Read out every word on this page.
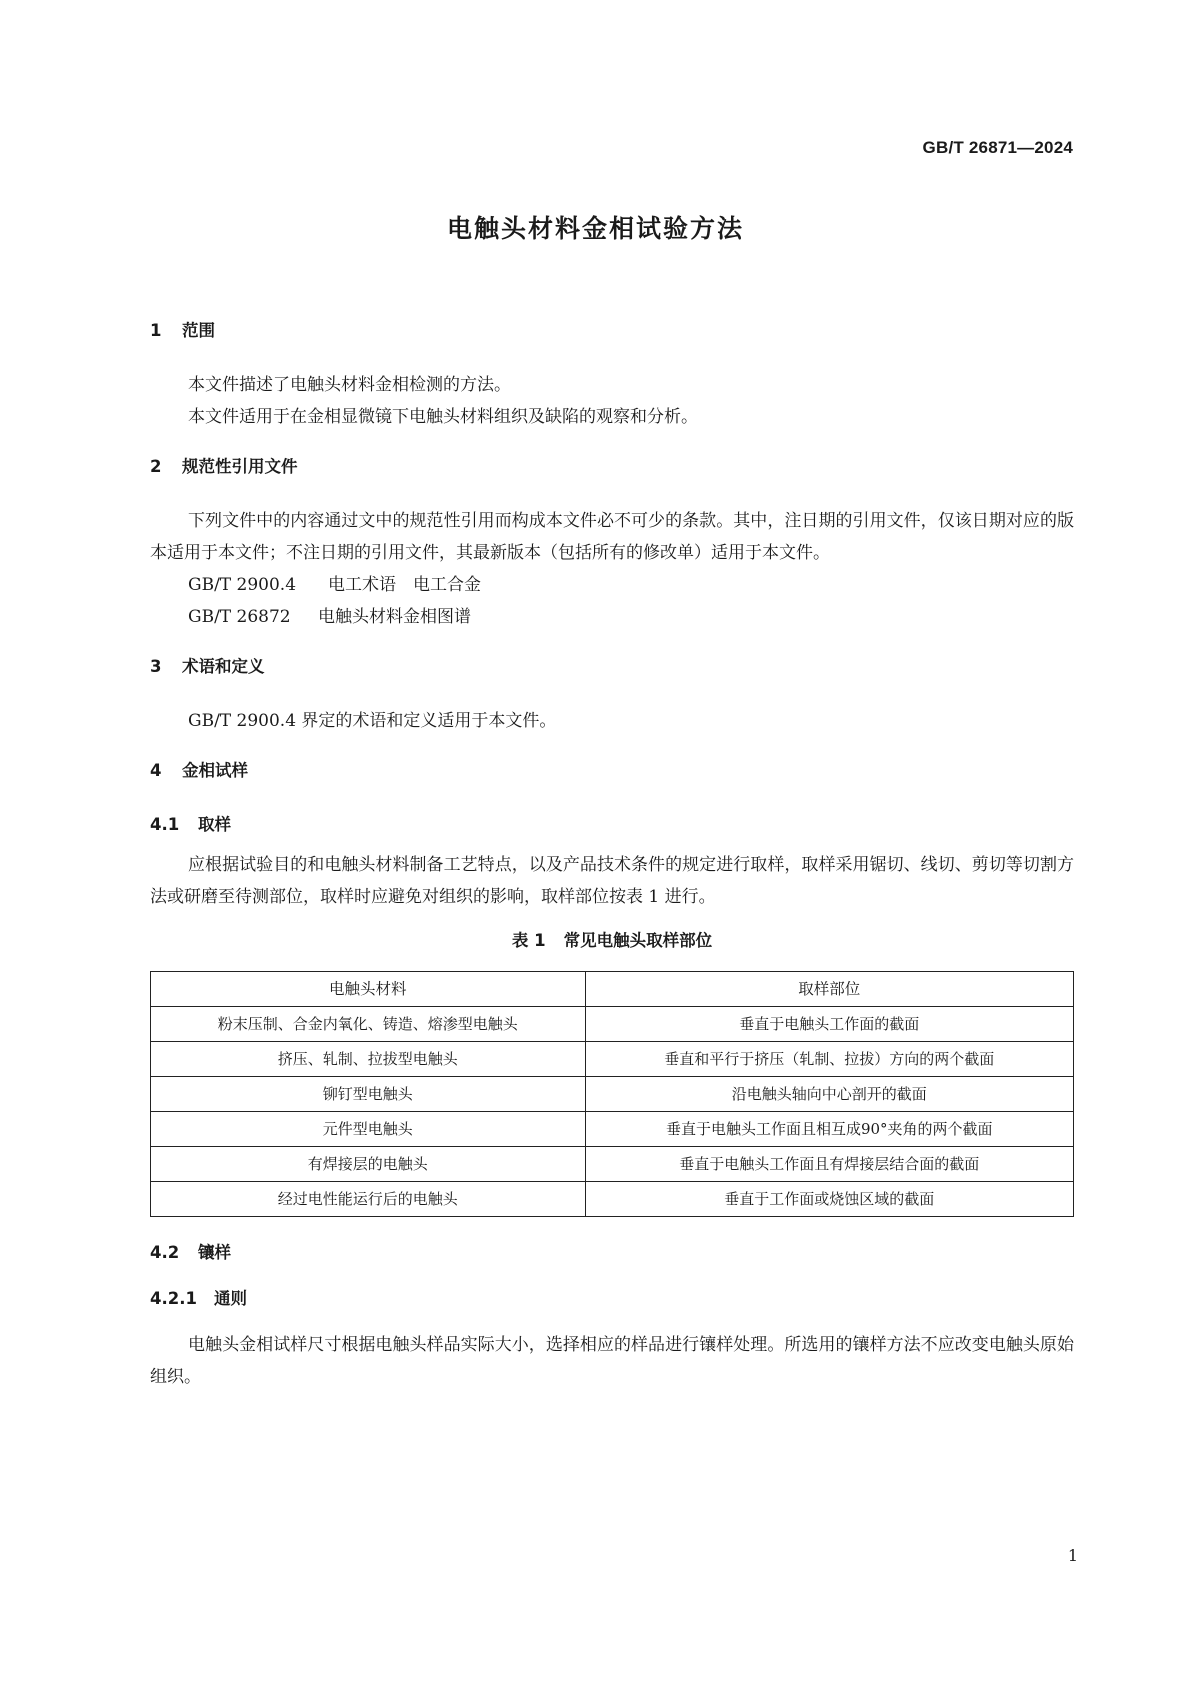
GB/T 26871—2024
电触头材料金相试验方法
1 范围

本文件描述了电触头材料金相检测的方法。

本文件适用于在金相显微镜下电触头材料组织及缺陷的观察和分析。

2 规范性引用文件

下列文件中的内容通过文中的规范性引用而构成本文件必不可少的条款。其中，注日期的引用文件，仅该日期对应的版本适用于本文件；不注日期的引用文件，其最新版本（包括所有的修改单）适用于本文件。

GB/T 2900.4 电工术语　电工合金
GB/T 26872 电触头材料金相图谱
3 术语和定义

GB/T 2900.4 界定的术语和定义适用于本文件。

4 金相试样
4.1 取样

应根据试验目的和电触头材料制备工艺特点，以及产品技术条件的规定进行取样，取样采用锯切、线切、剪切等切割方法或研磨至待测部位，取样时应避免对组织的影响，取样部位按表 1 进行。

表 1 常见电触头取样部位
电触头材料	取样部位
粉末压制、合金内氧化、铸造、熔渗型电触头	垂直于电触头工作面的截面
挤压、轧制、拉拔型电触头	垂直和平行于挤压（轧制、拉拔）方向的两个截面
铆钉型电触头	沿电触头轴向中心剖开的截面
元件型电触头	垂直于电触头工作面且相互成90°夹角的两个截面
有焊接层的电触头	垂直于电触头工作面且有焊接层结合面的截面
经过电性能运行后的电触头	垂直于工作面或烧蚀区域的截面
4.2 镶样
4.2.1 通则

电触头金相试样尺寸根据电触头样品实际大小，选择相应的样品进行镶样处理。所选用的镶样方法不应改变电触头原始组织。

1
